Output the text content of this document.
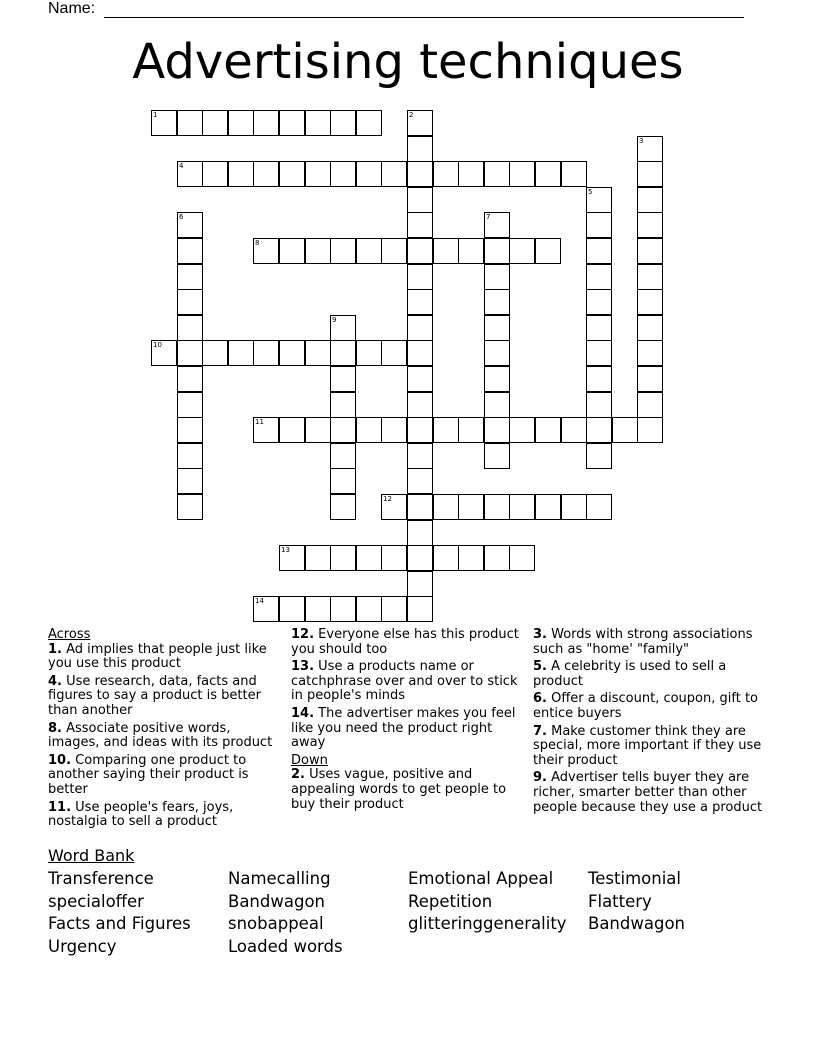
Name:
Advertising techniques
1	2
3
4
5
6	7
8
9
10
11
12
13
14
Across
1. Ad implies that people just like you use this product
4. Use research, data, facts and figures to say a product is better than another
8. Associate positive words, images, and ideas with its product
10. Comparing one product to another saying their product is better
11. Use people's fears, joys, nostalgia to sell a product
12. Everyone else has this product you should too
13. Use a products name or catchphrase over and over to stick in people's minds
14. The advertiser makes you feel like you need the product right away
Down
2. Uses vague, positive and appealing words to get people to buy their product
3. Words with strong associations such as "home' "family"
5. A celebrity is used to sell a product
6. Offer a discount, coupon, gift to entice buyers
7. Make customer think they are special, more important if they use their product
9. Advertiser tells buyer they are richer, smarter better than other people because they use a product
Word Bank
Transference	Namecalling	Emotional Appeal	Testimonial
specialoffer	Bandwagon	Repetition	Flattery
Facts and Figures	snobappeal	glitteringgenerality	Bandwagon
Urgency	Loaded words
